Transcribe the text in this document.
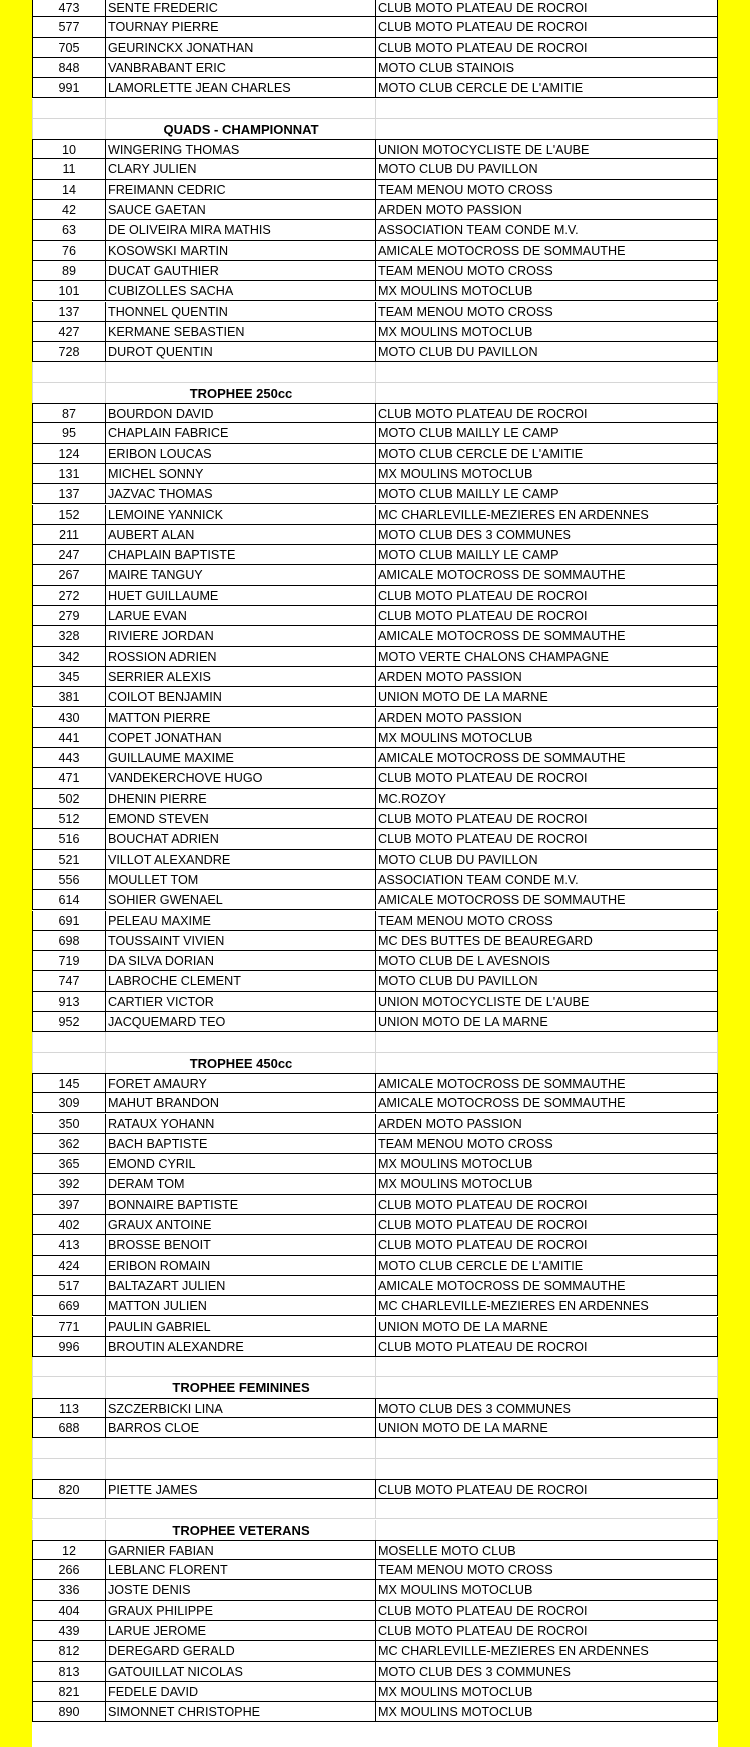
473	SENTE FREDERIC	CLUB MOTO PLATEAU DE ROCROI
577	TOURNAY PIERRE	CLUB MOTO PLATEAU DE ROCROI
705	GEURINCKX JONATHAN	CLUB MOTO PLATEAU DE ROCROI
848	VANBRABANT ERIC	MOTO CLUB STAINOIS
991	LAMORLETTE JEAN CHARLES	MOTO CLUB CERCLE DE L'AMITIE
QUADS - CHAMPIONNAT
10	WINGERING THOMAS	UNION MOTOCYCLISTE DE L'AUBE
11	CLARY JULIEN	MOTO CLUB DU PAVILLON
14	FREIMANN CEDRIC	TEAM MENOU MOTO CROSS
42	SAUCE GAETAN	ARDEN MOTO PASSION
63	DE OLIVEIRA MIRA MATHIS	ASSOCIATION TEAM CONDE M.V.
76	KOSOWSKI MARTIN	AMICALE MOTOCROSS DE SOMMAUTHE
89	DUCAT GAUTHIER	TEAM MENOU MOTO CROSS
101	CUBIZOLLES SACHA	MX MOULINS MOTOCLUB
137	THONNEL QUENTIN	TEAM MENOU MOTO CROSS
427	KERMANE SEBASTIEN	MX MOULINS MOTOCLUB
728	DUROT QUENTIN	MOTO CLUB DU PAVILLON
TROPHEE 250cc
87	BOURDON DAVID	CLUB MOTO PLATEAU DE ROCROI
95	CHAPLAIN FABRICE	MOTO CLUB MAILLY LE CAMP
124	ERIBON LOUCAS	MOTO CLUB CERCLE DE L'AMITIE
131	MICHEL SONNY	MX MOULINS MOTOCLUB
137	JAZVAC THOMAS	MOTO CLUB MAILLY LE CAMP
152	LEMOINE YANNICK	MC CHARLEVILLE-MEZIERES EN ARDENNES
211	AUBERT ALAN	MOTO CLUB DES 3 COMMUNES
247	CHAPLAIN BAPTISTE	MOTO CLUB MAILLY LE CAMP
267	MAIRE TANGUY	AMICALE MOTOCROSS DE SOMMAUTHE
272	HUET GUILLAUME	CLUB MOTO PLATEAU DE ROCROI
279	LARUE EVAN	CLUB MOTO PLATEAU DE ROCROI
328	RIVIERE JORDAN	AMICALE MOTOCROSS DE SOMMAUTHE
342	ROSSION ADRIEN	MOTO VERTE CHALONS CHAMPAGNE
345	SERRIER ALEXIS	ARDEN MOTO PASSION
381	COILOT BENJAMIN	UNION MOTO DE LA MARNE
430	MATTON PIERRE	ARDEN MOTO PASSION
441	COPET JONATHAN	MX MOULINS MOTOCLUB
443	GUILLAUME MAXIME	AMICALE MOTOCROSS DE SOMMAUTHE
471	VANDEKERCHOVE HUGO	CLUB MOTO PLATEAU DE ROCROI
502	DHENIN PIERRE	MC.ROZOY
512	EMOND STEVEN	CLUB MOTO PLATEAU DE ROCROI
516	BOUCHAT ADRIEN	CLUB MOTO PLATEAU DE ROCROI
521	VILLOT ALEXANDRE	MOTO CLUB DU PAVILLON
556	MOULLET TOM	ASSOCIATION TEAM CONDE M.V.
614	SOHIER GWENAEL	AMICALE MOTOCROSS DE SOMMAUTHE
691	PELEAU MAXIME	TEAM MENOU MOTO CROSS
698	TOUSSAINT VIVIEN	MC DES BUTTES DE BEAUREGARD
719	DA SILVA DORIAN	MOTO CLUB DE L AVESNOIS
747	LABROCHE CLEMENT	MOTO CLUB DU PAVILLON
913	CARTIER VICTOR	UNION MOTOCYCLISTE DE L'AUBE
952	JACQUEMARD TEO	UNION MOTO DE LA MARNE
TROPHEE 450cc
145	FORET AMAURY	AMICALE MOTOCROSS DE SOMMAUTHE
309	MAHUT BRANDON	AMICALE MOTOCROSS DE SOMMAUTHE
350	RATAUX YOHANN	ARDEN MOTO PASSION
362	BACH BAPTISTE	TEAM MENOU MOTO CROSS
365	EMOND CYRIL	MX MOULINS MOTOCLUB
392	DERAM TOM	MX MOULINS MOTOCLUB
397	BONNAIRE BAPTISTE	CLUB MOTO PLATEAU DE ROCROI
402	GRAUX ANTOINE	CLUB MOTO PLATEAU DE ROCROI
413	BROSSE BENOIT	CLUB MOTO PLATEAU DE ROCROI
424	ERIBON ROMAIN	MOTO CLUB CERCLE DE L'AMITIE
517	BALTAZART JULIEN	AMICALE MOTOCROSS DE SOMMAUTHE
669	MATTON JULIEN	MC CHARLEVILLE-MEZIERES EN ARDENNES
771	PAULIN GABRIEL	UNION MOTO DE LA MARNE
996	BROUTIN ALEXANDRE	CLUB MOTO PLATEAU DE ROCROI
TROPHEE FEMININES
113	SZCZERBICKI LINA	MOTO CLUB DES 3 COMMUNES
688	BARROS CLOE	UNION MOTO DE LA MARNE
820	PIETTE JAMES	CLUB MOTO PLATEAU DE ROCROI
TROPHEE VETERANS
12	GARNIER FABIAN	MOSELLE MOTO CLUB
266	LEBLANC FLORENT	TEAM MENOU MOTO CROSS
336	JOSTE DENIS	MX MOULINS MOTOCLUB
404	GRAUX PHILIPPE	CLUB MOTO PLATEAU DE ROCROI
439	LARUE JEROME	CLUB MOTO PLATEAU DE ROCROI
812	DEREGARD GERALD	MC CHARLEVILLE-MEZIERES EN ARDENNES
813	GATOUILLAT NICOLAS	MOTO CLUB DES 3 COMMUNES
821	FEDELE DAVID	MX MOULINS MOTOCLUB
890	SIMONNET CHRISTOPHE	MX MOULINS MOTOCLUB
